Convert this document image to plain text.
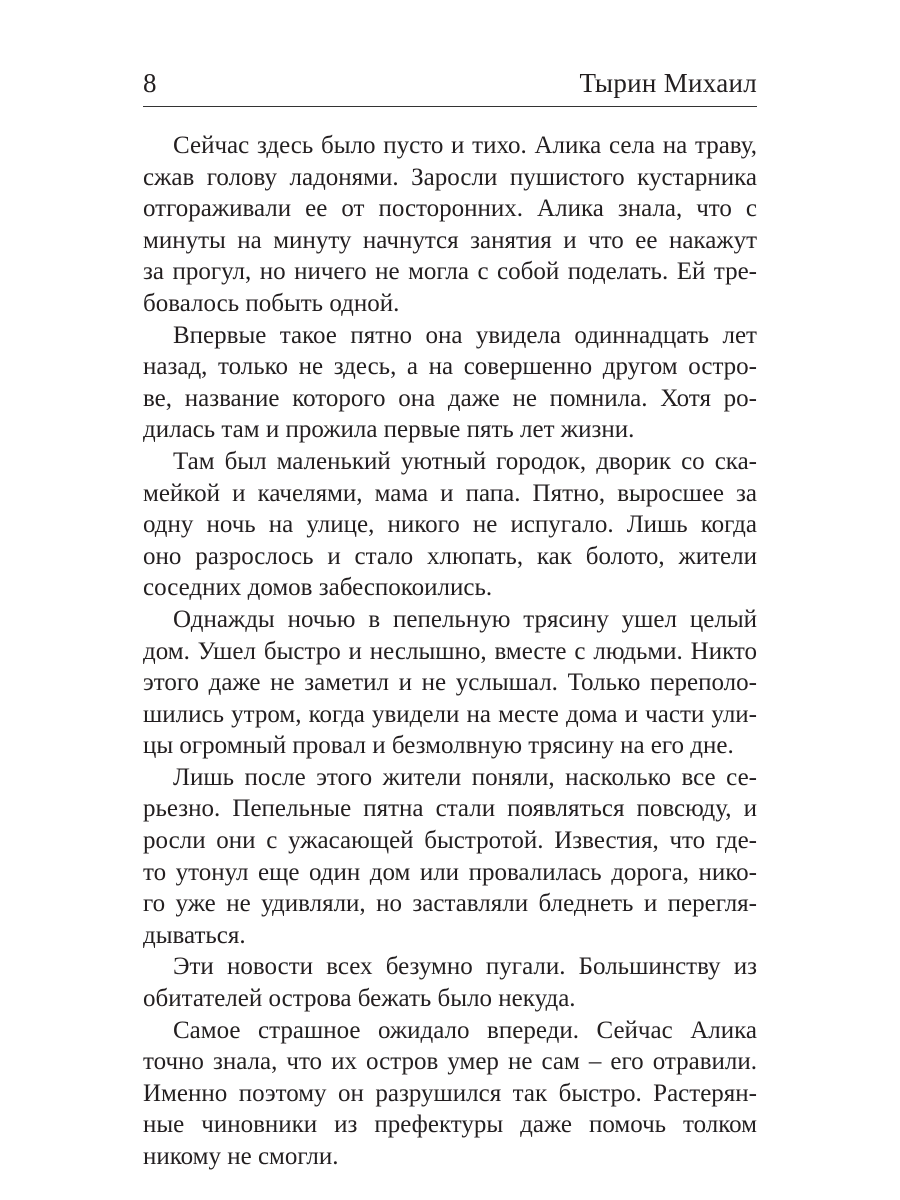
8	Тырин Михаил
Сейчас здесь было пусто и тихо. Алика села на траву,
сжав голову ладонями. Заросли пушистого кустарника
отгораживали ее от посторонних. Алика знала, что с
минуты на минуту начнутся занятия и что ее накажут
за прогул, но ничего не могла с собой поделать. Ей тре-
бовалось побыть одной.
Впервые такое пятно она увидела одиннадцать лет
назад, только не здесь, а на совершенно другом остро-
ве, название которого она даже не помнила. Хотя ро-
дилась там и прожила первые пять лет жизни.
Там был маленький уютный городок, дворик со ска-
мейкой и качелями, мама и папа. Пятно, выросшее за
одну ночь на улице, никого не испугало. Лишь когда
оно разрослось и стало хлюпать, как болото, жители
соседних домов забеспокоились.
Однажды ночью в пепельную трясину ушел целый
дом. Ушел быстро и неслышно, вместе с людьми. Никто
этого даже не заметил и не услышал. Только переполо-
шились утром, когда увидели на месте дома и части ули-
цы огромный провал и безмолвную трясину на его дне.
Лишь после этого жители поняли, насколько все се-
рьезно. Пепельные пятна стали появляться повсюду, и
росли они с ужасающей быстротой. Известия, что где-
то утонул еще один дом или провалилась дорога, нико-
го уже не удивляли, но заставляли бледнеть и перегля-
дываться.
Эти новости всех безумно пугали. Большинству из
обитателей острова бежать было некуда.
Самое страшное ожидало впереди. Сейчас Алика
точно знала, что их остров умер не сам – его отравили.
Именно поэтому он разрушился так быстро. Растерян-
ные чиновники из префектуры даже помочь толком
никому не смогли.
